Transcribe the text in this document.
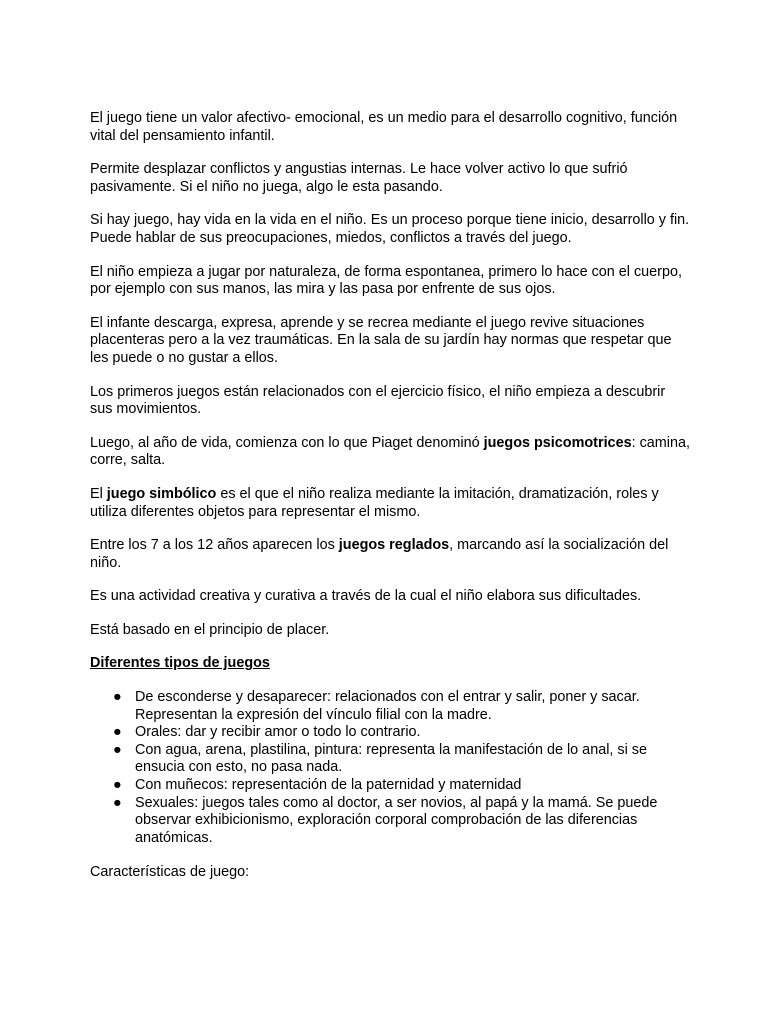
El juego tiene un valor afectivo- emocional, es un medio para el desarrollo cognitivo, función vital del pensamiento infantil.

Permite desplazar conflictos y angustias internas. Le hace volver activo lo que sufrió pasivamente. Si el niño no juega, algo le esta pasando.

Si hay juego, hay vida en la vida en el niño. Es un proceso porque tiene inicio, desarrollo y fin. Puede hablar de sus preocupaciones, miedos, conflictos a través del juego.

El niño empieza a jugar por naturaleza, de forma espontanea, primero lo hace con el cuerpo, por ejemplo con sus manos, las mira y las pasa por enfrente de sus ojos.

El infante descarga, expresa, aprende y se recrea mediante el juego revive situaciones placenteras pero a la vez traumáticas. En la sala de su jardín hay normas que respetar que les puede o no gustar a ellos.

Los primeros juegos están relacionados con el ejercicio físico, el niño empieza a descubrir sus movimientos.

Luego, al año de vida, comienza con lo que Piaget denominó juegos psicomotrices: camina, corre, salta.

El juego simbólico es el que el niño realiza mediante la imitación, dramatización, roles y utiliza diferentes objetos para representar el mismo.

Entre los 7 a los 12 años aparecen los juegos reglados, marcando así la socialización del niño.

Es una actividad creativa y curativa a través de la cual el niño elabora sus dificultades.

Está basado en el principio de placer.

Diferentes tipos de juegos

● De esconderse y desaparecer: relacionados con el entrar y salir, poner y sacar. Representan la expresión del vínculo filial con la madre.
● Orales: dar y recibir amor o todo lo contrario.
● Con agua, arena, plastilina, pintura: representa la manifestación de lo anal, si se ensucia con esto, no pasa nada.
● Con muñecos: representación de la paternidad y maternidad
● Sexuales: juegos tales como al doctor, a ser novios, al papá y la mamá. Se puede observar exhibicionismo, exploración corporal comprobación de las diferencias anatómicas.

Características de juego:
